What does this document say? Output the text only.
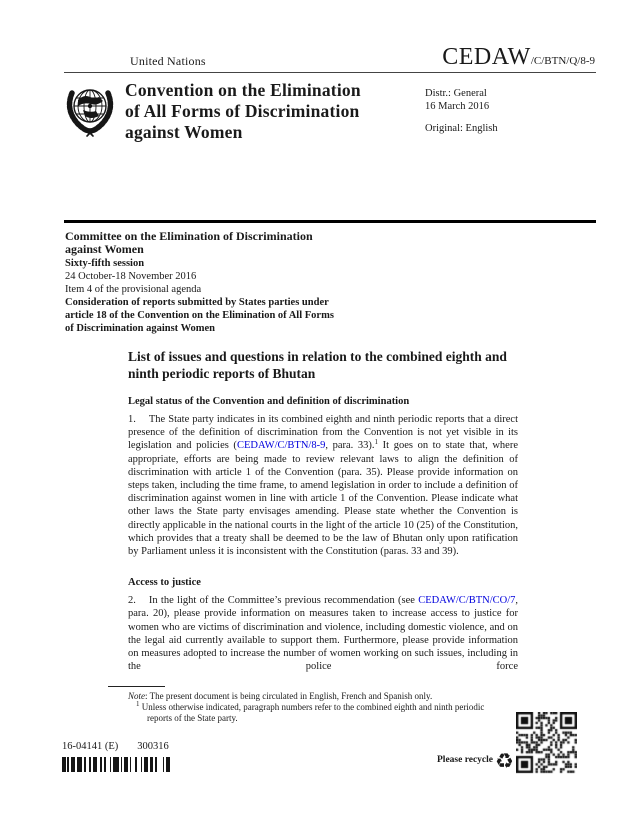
United Nations	CEDAW/C/BTN/Q/8-9
Convention on the Elimination
of All Forms of Discrimination
against Women
Distr.: General
16 March 2016
Original: English
Committee on the Elimination of Discrimination
against Women
Sixty-fifth session
24 October-18 November 2016
Item 4 of the provisional agenda
Consideration of reports submitted by States parties under
article 18 of the Convention on the Elimination of All Forms
of Discrimination against Women
List of issues and questions in relation to the combined eighth and ninth periodic reports of Bhutan
Legal status of the Convention and definition of discrimination

1. The State party indicates in its combined eighth and ninth periodic reports that a direct presence of the definition of discrimination from the Convention is not yet visible in its legislation and policies (CEDAW/C/BTN/8-9, para. 33).$^1$ It goes on to state that, where appropriate, efforts are being made to review relevant laws to align the definition of discrimination with article 1 of the Convention (para. 35). Please provide information on steps taken, including the time frame, to amend legislation in order to include a definition of discrimination against women in line with article 1 of the Convention. Please indicate what other laws the State party envisages amending. Please state whether the Convention is directly applicable in the national courts in the light of the article 10 (25) of the Constitution, which provides that a treaty shall be deemed to be the law of Bhutan only upon ratification by Parliament unless it is inconsistent with the Constitution (paras. 33 and 39).

Access to justice

2. In the light of the Committee’s previous recommendation (see CEDAW/C/BTN/CO/7, para. 20), please provide information on measures taken to increase access to justice for women who are victims of discrimination and violence, including domestic violence, and on the legal aid currently available to support them. Furthermore, please provide information on measures adopted to increase the number of women working on such issues, including in the police force

Note: The present document is being circulated in English, French and Spanish only.
$^1$ Unless otherwise indicated, paragraph numbers refer to the combined eighth and ninth periodic reports of the State party.
16-04141 (E) 300316
Please recycle♻
